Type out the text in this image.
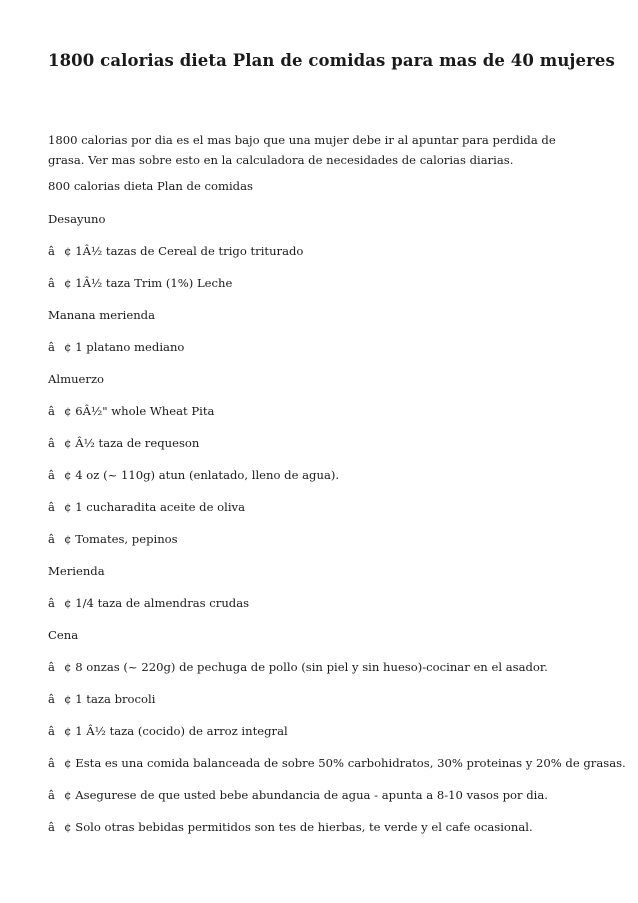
1800 calorias dieta Plan de comidas para mas de 40 mujeres

1800 calorias por dia es el mas bajo que una mujer debe ir al apuntar para perdida de grasa. Ver mas sobre esto en la calculadora de necesidades de calorias diarias.

800 calorias dieta Plan de comidas

Desayuno

â¢ 1Â½ tazas de Cereal de trigo triturado

â¢ 1Â½ taza Trim (1%) Leche

Manana merienda

â¢ 1 platano mediano

Almuerzo

â¢ 6Â½" whole Wheat Pita

â¢ Â½ taza de requeson

â¢ 4 oz (~ 110g) atun (enlatado, lleno de agua).

â¢ 1 cucharadita aceite de oliva

â¢ Tomates, pepinos

Merienda

â¢ 1/4 taza de almendras crudas

Cena

â¢ 8 onzas (~ 220g) de pechuga de pollo (sin piel y sin hueso)-cocinar en el asador.

â¢ 1 taza brocoli

â¢ 1 Â½ taza (cocido) de arroz integral

â¢ Esta es una comida balanceada de sobre 50% carbohidratos, 30% proteinas y 20% de grasas.

â¢ Asegurese de que usted bebe abundancia de agua - apunta a 8-10 vasos por dia.

â¢ Solo otras bebidas permitidos son tes de hierbas, te verde y el cafe ocasional.
